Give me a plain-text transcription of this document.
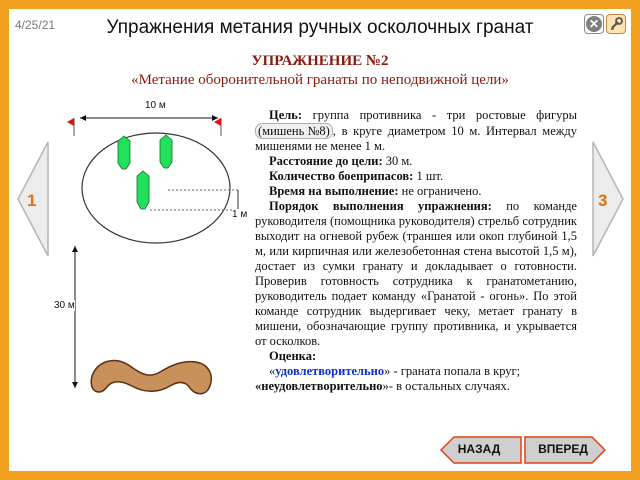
4/25/21	Упражнения метания ручных осколочных гранат	✕
УПРАЖНЕНИЕ №2
«Метание оборонительной гранаты по неподвижной цели»
10 м
1 м
30 м

Цель: группа противника - три ростовые фигуры (мишень №8) , в круге диаметром 10 м. Интервал между мишенями не менее 1 м.

Расстояние до цели: 30 м.

Количество боеприпасов: 1 шт.

Время на выполнение: не ограничено.

Порядок выполнения упражнения: по команде руководителя (помощника руководителя) стрельб сотрудник выходит на огневой рубеж (траншея или окоп глубиной 1,5 м, или кирпичная или железобетонная стена высотой 1,5 м), достает из сумки гранату и докладывает о готовности. Проверив готовность сотрудника к гранатометанию, руководитель подает команду «Гранатой - огонь». По этой команде сотрудник выдергивает чеку, метает гранату в мишени, обозначающие группу противника, и укрывается от осколков.

Оценка:

«удовлетворительно» - граната попала в круг;

«неудовлетворительно»- в остальных случаях.

1	3
НАЗАД	ВПЕРЕД
